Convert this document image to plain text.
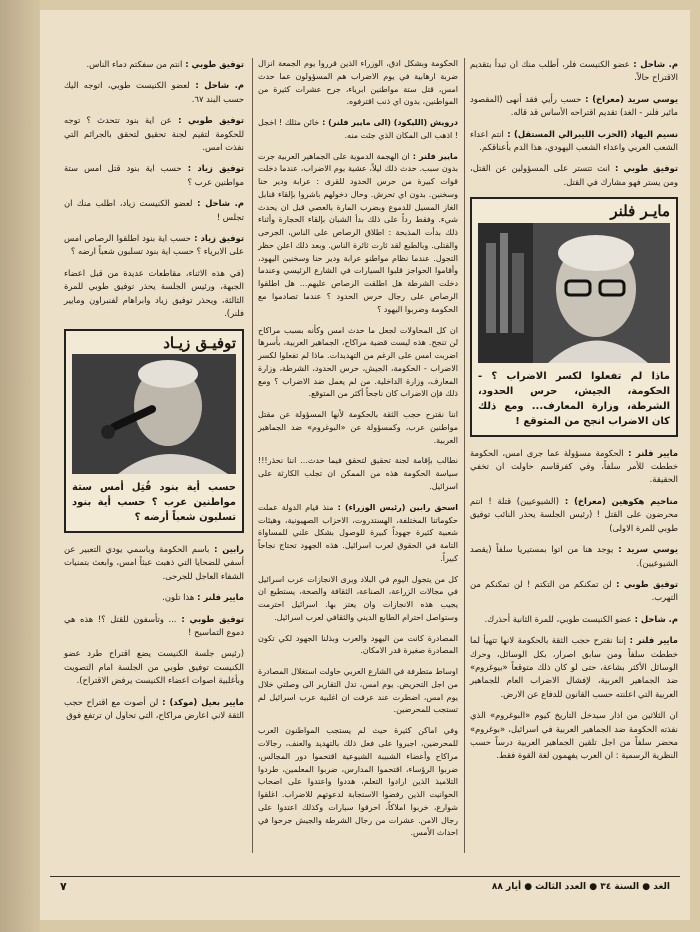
م. شاحل : عضو الكنيست فلر، أطلب منك ان تبدأ بتقديم الاقتراح حالاً.

يوسي سريد (معراخ) : حسب رأيي فقد أنهى (المقصود مائير فلنر - الغد) تقديم اقتراحه الأساس قد قاله.

نسيم اليهاد (الحزب الليبرالي المستقل) : انتم اعداء الشعب العربي واعداء الشعب اليهودي، هذا الدم بأعناقكم.

توفيق طوبي : انت تتستر على المسؤولين عن القتل، ومن يستر فهو مشارك في القتل.

مايـر فلنر
ماذا لم تفعلوا لكسر الاضراب ؟ - الحكومة، الجيش، حرس الحدود، الشرطة، وزارة المعارف... ومع ذلك كان الاضراب انجح من المتوقع !

مايير فلنر : الحكومة مسؤولة عما جرى امس، الحكومة خططت للأمر سلفاً، وفي كفرقاسم حاولت ان تخفي الحقيقة.

مناحيم هكوهين (معراخ) : (الشيوعيين) قتلة ! انتم محرضون على القتل ! (رئيس الجلسة يحذر النائب توفيق طوبي للمرة الاولى)

يوسي سريد : يوجد هنا من اتوا بمستيريا سلفاً (يقصد الشيوعيين).

توفيق طوبي : لن تمكنكم من التكتم ! لن تمكنكم من التهرب.

م. شاحل : عضو الكنيست طوبي، للمرة الثانية أحذرك.

مايير فلنر : إننا نقترح حجب الثقة بالحكومة لانها تتهيأ لما خططت سلفاً ومن سابق اصرار، بكل الوسائل، وحرك الوسائل الأكثر بشاعة، حتى لو كان ذلك متوقعاً «بيوغروم» ضد الجماهير العربية، لإفشال الاضراب العام للجماهير العربية التي اعلنته حسب القانون للدفاع عن الارض.

ان الثلاثين من اذار سيدخل التاريخ كيوم «البوغروم» الذي نفذته الحكومة ضد الجماهير العربية في اسرائيل، «بوغروم» محضر سلفاً من اجل تلقين الجماهير العربية درساً حسب النظرية الرسمية : ان العرب يفهمون لغة القوة فقط.

الحكومة وبشكل ادق، الوزراء الذين قرروا يوم الجمعة انزال ضربة ارهابية في يوم الاضراب هم المسؤولون عما حدث امس، قتل ستة مواطنين ابرياء، جرح عشرات كثيرة من المواطنين، بدون اي ذنب اقترفوه.

درويش (الليكود) (الى مايير فلنر) : خائن مثلك ! اخجل ! اذهب الى المكان الذي جئت منه.

مايير فلنر : ان الهجمة الدموية على الجماهير العربية جرت بدون سبب. حدث ذلك ليلاً، عشية يوم الاضراب، عندما دخلت قوات كبيرة من حرس الحدود للقرى : عرابة ودير حنا وسخنين. بدون اي تحرش. وحال دخولهم باشروا بإلقاء قنابل الغاز المسيل للدموع وبضرب المارة بالعصي قبل ان يحدث شيء. وفقط رداً على ذلك بدأ الشبان بإلقاء الحجارة وأثناء ذلك بدأت المذبحة : اطلاق الرصاص على الناس، الجرحى والقتلى. وبالطبع لقد ثارت ثائرة الناس. وبعد ذلك اعلن حظر التجول. عندما نظام مواطنو عرابة ودير حنا وسخنين اليهود، وأقاموا الحواجز قلبوا السيارات في الشارع الرئيسي وعندما دخلت الشرطة هل اطلقت الرصاص عليهم... هل اطلقوا الرصاص على رجال حرس الحدود ؟ عندما تصادموا مع الحكومة وضربوا اليهود ؟

ان كل المحاولات لجعل ما حدث امس وكأنه بسبب مراكاح لن تنجح. هذه ليست قضية مراكاح، الجماهير العربية، بأسرها اضربت امس على الرغم من التهديدات. ماذا لم تفعلوا لكسر الاضراب - الحكومة، الجيش، حرس الحدود، الشرطة، وزارة المعارف، وزارة الداخلية. من لم يعمل ضد الاضراب ؟ ومع ذلك فإن الاضراب كان ناجحاً أكثر من المتوقع.

اننا نقترح حجب الثقة بالحكومة لأنها المسؤولة عن مقتل مواطنين عرب، وكمسؤولة عن «البوغروم» ضد الجماهير العربية.

نطالب بإقامة لجنة تحقيق لتحقق فيما حدث... اننا نحذر!!! سياسة الحكومة هذه من الممكن ان تجلب الكارثة على اسرائيل.

اسحق رابين (رئيس الوزراء) : منذ قيام الدولة عملت حكوماتنا المختلفة، الهستدروت، الاحزاب الصهيونية، وهيئات شعبية كثيرة جهوداً كبيرة للوصول بشكل علني للمساواة التامة في الحقوق لعرب اسرائيل. هذه الجهود تحتاج نجاحاً كبيراً.

كل من يتجول اليوم في البلاد ويرى الانجازات عرب اسرائيل في مجالات الزراعة، الصناعة، الثقافة والصحة، يستطيع ان يجيب هذه الانجازات وان يعتز بها. اسرائيل احترمت وستواصل احترام الطابع الديني والثقافي لعرب اسرائيل.

المصادرة كانت من اليهود والعرب وبذلنا الجهود لكي تكون المصادرة صغيرة قدر الامكان.

اوساط متطرفة في الشارع العربي حاولت استغلال المصادرة من اجل التحريض. يوم امس، تدل التقارير الى وصلتي خلال يوم امس، اضطرت عند عرفت ان اغلبية عرب اسرائيل لم تستجب للمحرضين.

وفي اماكن كثيرة حيث لم يستجب المواطنون العرب للمحرضين، اجبروا على فعل ذلك بالتهديد والعنف، رجالات مراكاح وأعضاء الشبيبة الشيوعية اقتحموا دور المجالس، ضربوا الرؤساء، اقتحموا المدارس، ضربوا المعلمين، طردوا التلاميذ الذين ارادوا التعلم، هددوا واعتدوا على اصحاب الحوانيت الذين رفضوا الاستجابة لدعوتهم للاضراب. اغلقوا شوارع، خربوا املاكاً، احرقوا سيارات وكذلك اعتدوا على رجال الامن. عشرات من رجال الشرطة والجيش جرحوا في احداث الأمس.

توفيق طوبي : انتم من سفكتم دماء الناس.

م. شاحل : لعضو الكنيست طوبي، اتوجه اليك حسب البند ٦٧.

توفيق طوبي : عن اية بنود تتحدث ؟ توجه للحكومة لتقيم لجنة تحقيق لتحقق بالجرائم التي نفذت امس.

توفيق زياد : حسب اية بنود قتل امس ستة مواطنين عرب ؟

م. شاحل : لعضو الكنيست زياد، اطلب منك ان تجلس !

توفيق زياد : حسب اية بنود اطلقوا الرصاص امس على الابرياء ؟ حسب اية بنود تسلبون شعباً ارضه ؟

(في هذه الاثناء، مقاطعات عديدة من قبل اعضاء الجبهة، ورئيس الجلسة يحذر توفيق طوبي للمرة الثالثة، ويحذر توفيق زياد وابراهام لفنبراون ومايير فلنر).

توفيـق زيـاد
حسب أية بنود قُتِل أمس ستة مواطنين عرب ؟ حسب أية بنود تسلبون شعباً أرضه ؟

رابين : باسم الحكومة وباسمي يودي التعبير عن أسفي للضحايا التي ذهبت عبثاً امس، وابعث بتمنيات الشفاء العاجل للجرحى.

مايير فلنر : هذا تلون.

توفيق طوبي : ... وتأسفون للقتل ؟! هذه هي دموع التماسيح !

(رئيس جلسة الكنيست يضع اقتراح طرد عضو الكنيست توفيق طوبي من الجلسة امام التصويت وبأغلبية اصوات اعضاء الكنيست يرفض الاقتراح).

مايير بعيل (موكد) : لن أصوت مع اقتراح حجب الثقة لاني اعارض مراكاح، التي تحاول ان ترتفع فوق

الغد ● السنة ٣٤ ● العدد الثالث ● أيار ٨٨
٧
